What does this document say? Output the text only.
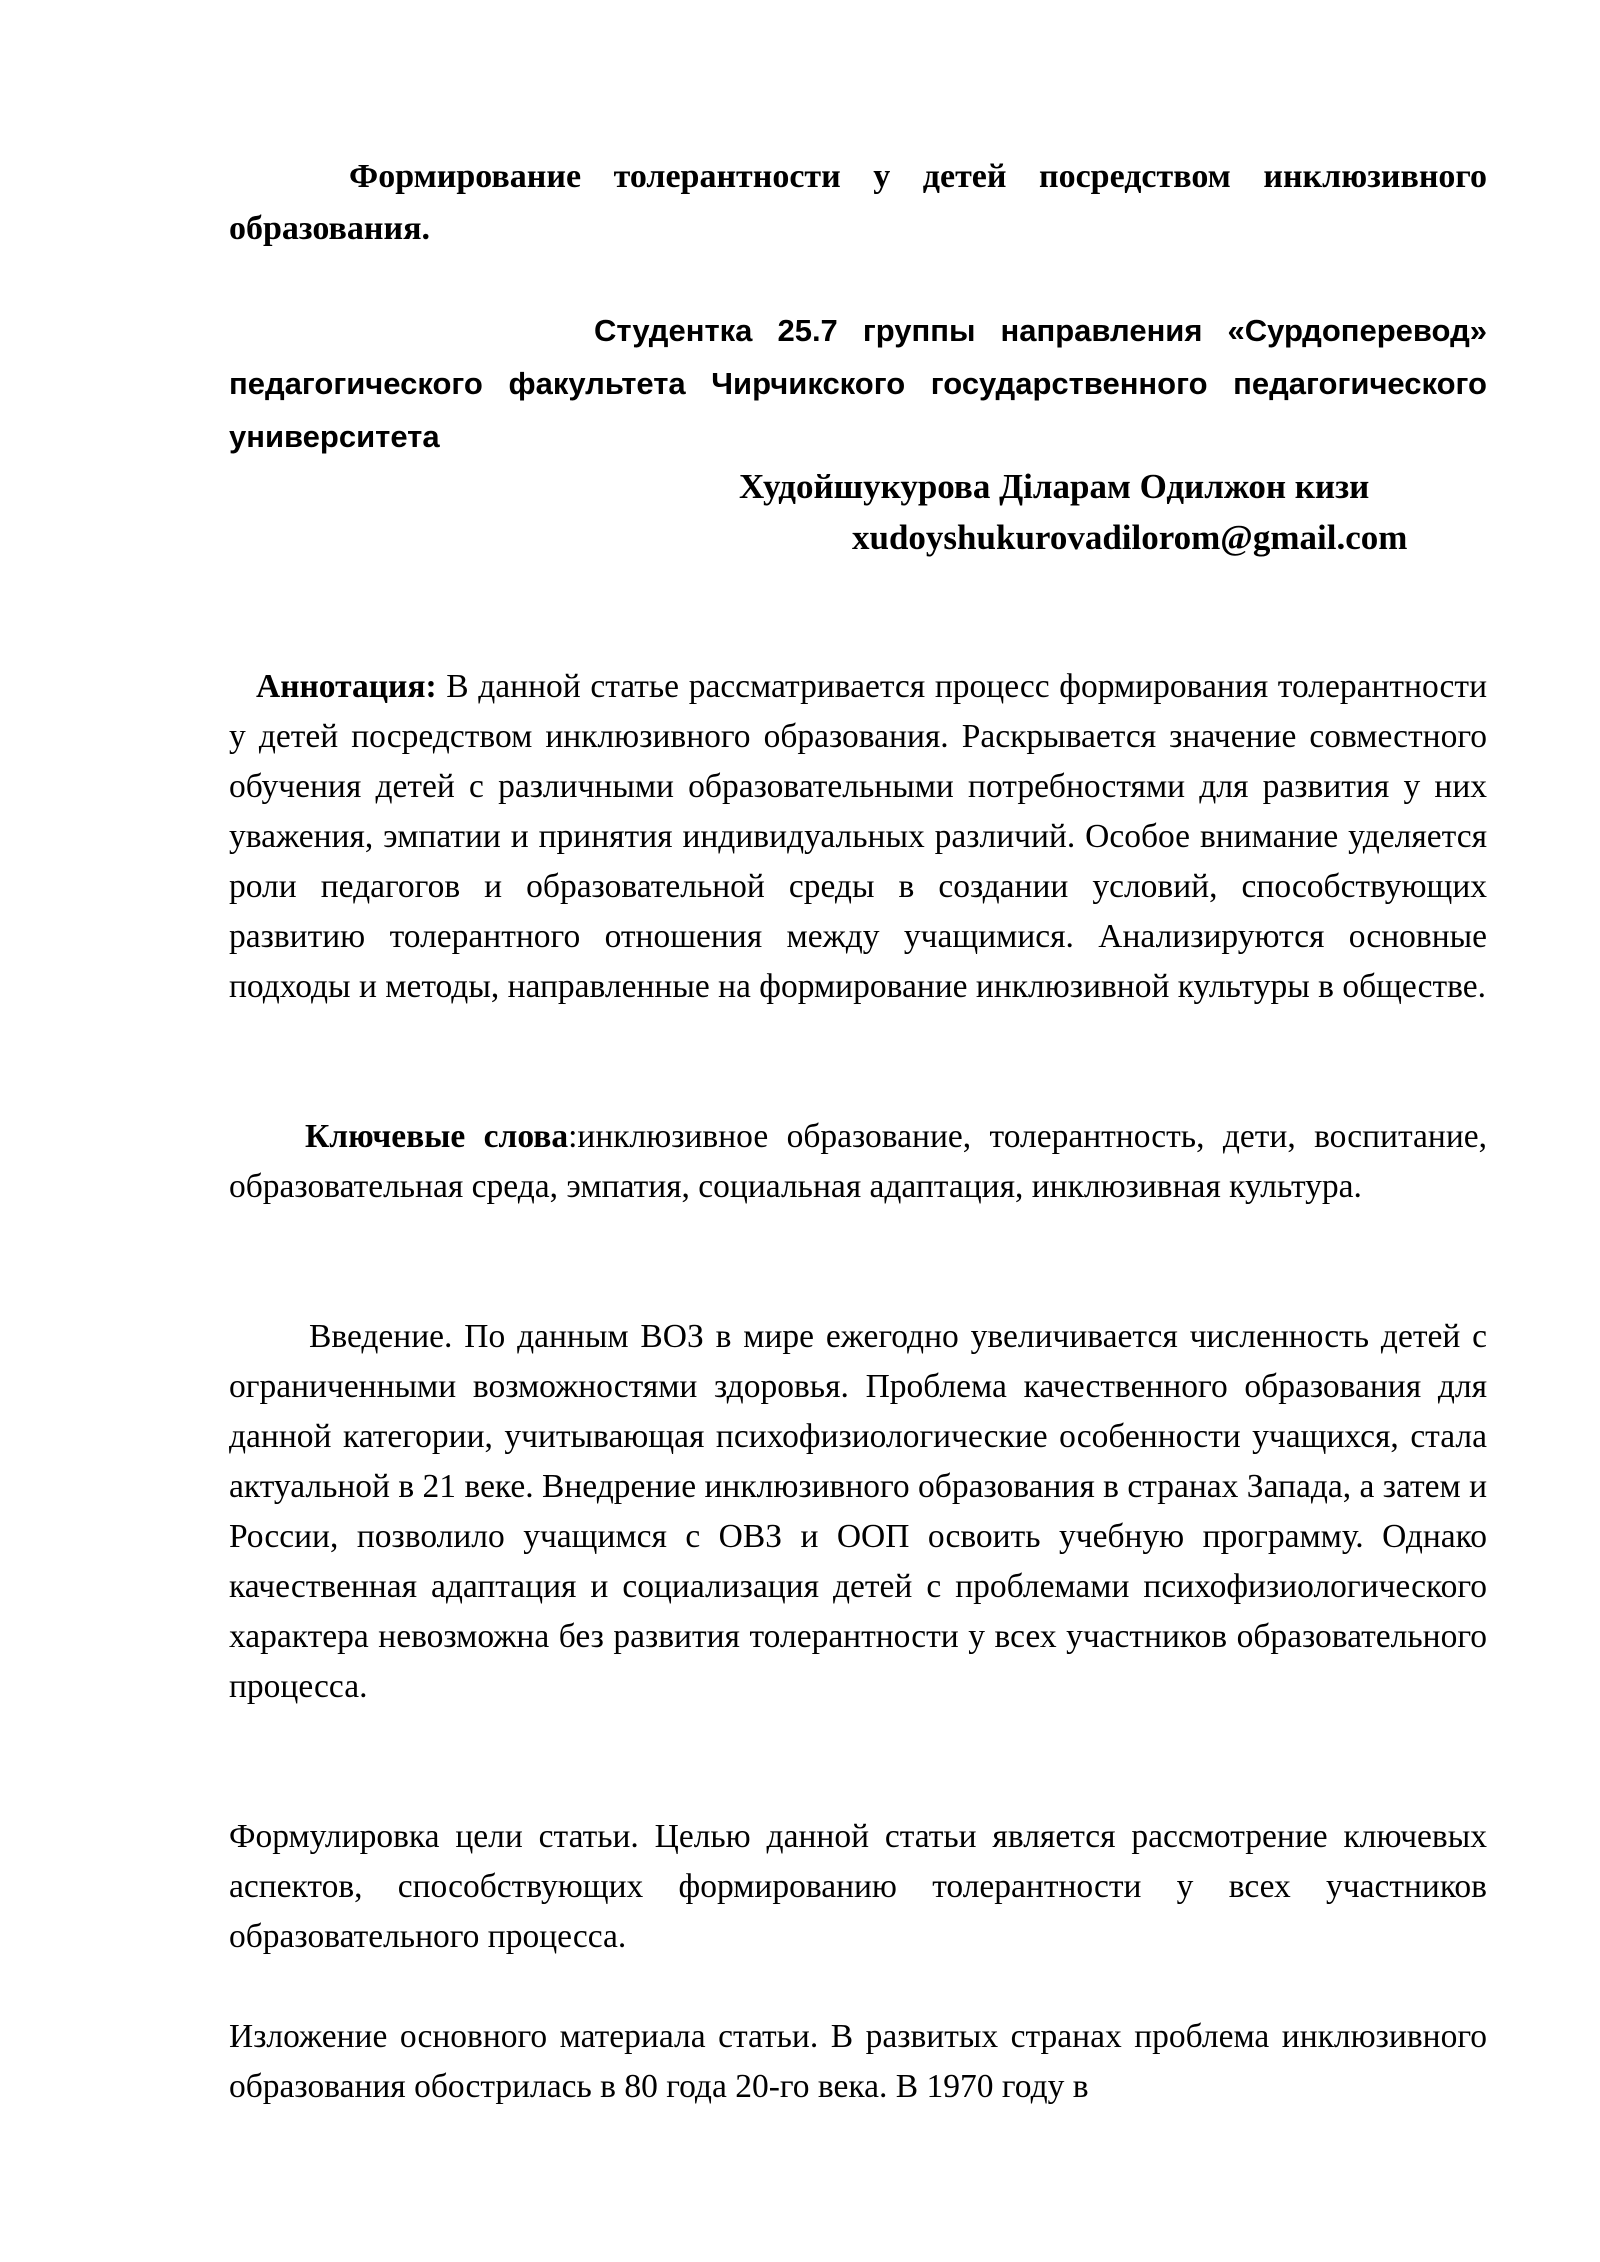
Формирование толерантности у детей посредством инклюзивного образования.
Студентка 25.7 группы направления «Сурдоперевод» педагогического факультета Чирчикского государственного педагогического университета
Худойшукурова Дiларам Одилжон кизи
xudoyshukurovadilorom@gmail.com

Аннотация: В данной статье рассматривается процесс формирования толерантности у детей посредством инклюзивного образования. Раскрывается значение совместного обучения детей с различными образовательными потребностями для развития у них уважения, эмпатии и принятия индивидуальных различий. Особое внимание уделяется роли педагогов и образовательной среды в создании условий, способствующих развитию толерантного отношения между учащимися. Анализируются основные подходы и методы, направленные на формирование инклюзивной культуры в обществе.

Ключевые слова:инклюзивное образование, толерантность, дети, воспитание, образовательная среда, эмпатия, социальная адаптация, инклюзивная культура.

Введение. По данным ВОЗ в мире ежегодно увеличивается численность детей с ограниченными возможностями здоровья. Проблема качественного образования для данной категории, учитывающая психофизиологические особенности учащихся, стала актуальной в 21 веке. Внедрение инклюзивного образования в странах Запада, а затем и России, позволило учащимся с ОВЗ и ООП освоить учебную программу. Однако качественная адаптация и социализация детей с проблемами психофизиологического характера невозможна без развития толерантности у всех участников образовательного процесса.

Формулировка цели статьи. Целью данной статьи является рассмотрение ключевых аспектов, способствующих формированию толерантности у всех участников образовательного процесса.

Изложение основного материала статьи. В развитых странах проблема инклюзивного образования обострилась в 80 года 20-го века. В 1970 году в
